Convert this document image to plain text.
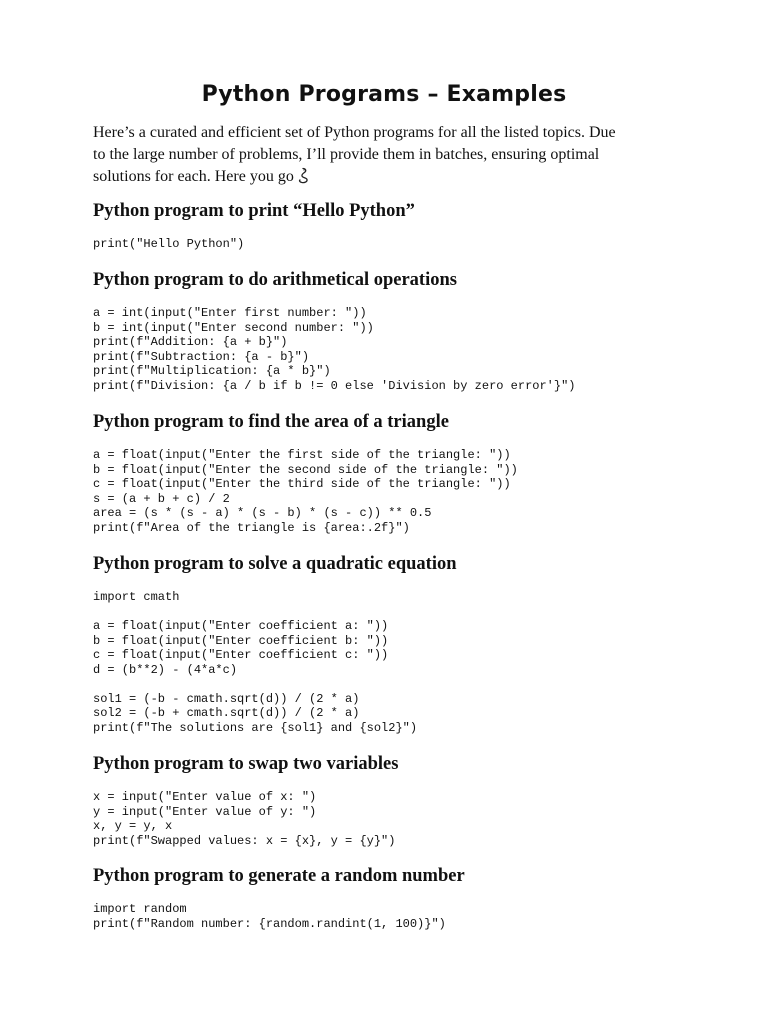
Python Programs – Examples

Here’s a curated and efficient set of Python programs for all the listed topics. Due
to the large number of problems, I’ll provide them in batches, ensuring optimal
solutions for each. Here you go

Python program to print “Hello Python”
print("Hello Python")
Python program to do arithmetical operations
a = int(input("Enter first number: "))
b = int(input("Enter second number: "))
print(f"Addition: {a + b}")
print(f"Subtraction: {a - b}")
print(f"Multiplication: {a * b}")
print(f"Division: {a / b if b != 0 else 'Division by zero error'}")
Python program to find the area of a triangle
a = float(input("Enter the first side of the triangle: "))
b = float(input("Enter the second side of the triangle: "))
c = float(input("Enter the third side of the triangle: "))
s = (a + b + c) / 2
area = (s * (s - a) * (s - b) * (s - c)) ** 0.5
print(f"Area of the triangle is {area:.2f}")
Python program to solve a quadratic equation
import cmath

a = float(input("Enter coefficient a: "))
b = float(input("Enter coefficient b: "))
c = float(input("Enter coefficient c: "))
d = (b**2) - (4*a*c)

sol1 = (-b - cmath.sqrt(d)) / (2 * a)
sol2 = (-b + cmath.sqrt(d)) / (2 * a)
print(f"The solutions are {sol1} and {sol2}")
Python program to swap two variables
x = input("Enter value of x: ")
y = input("Enter value of y: ")
x, y = y, x
print(f"Swapped values: x = {x}, y = {y}")
Python program to generate a random number
import random
print(f"Random number: {random.randint(1, 100)}")
